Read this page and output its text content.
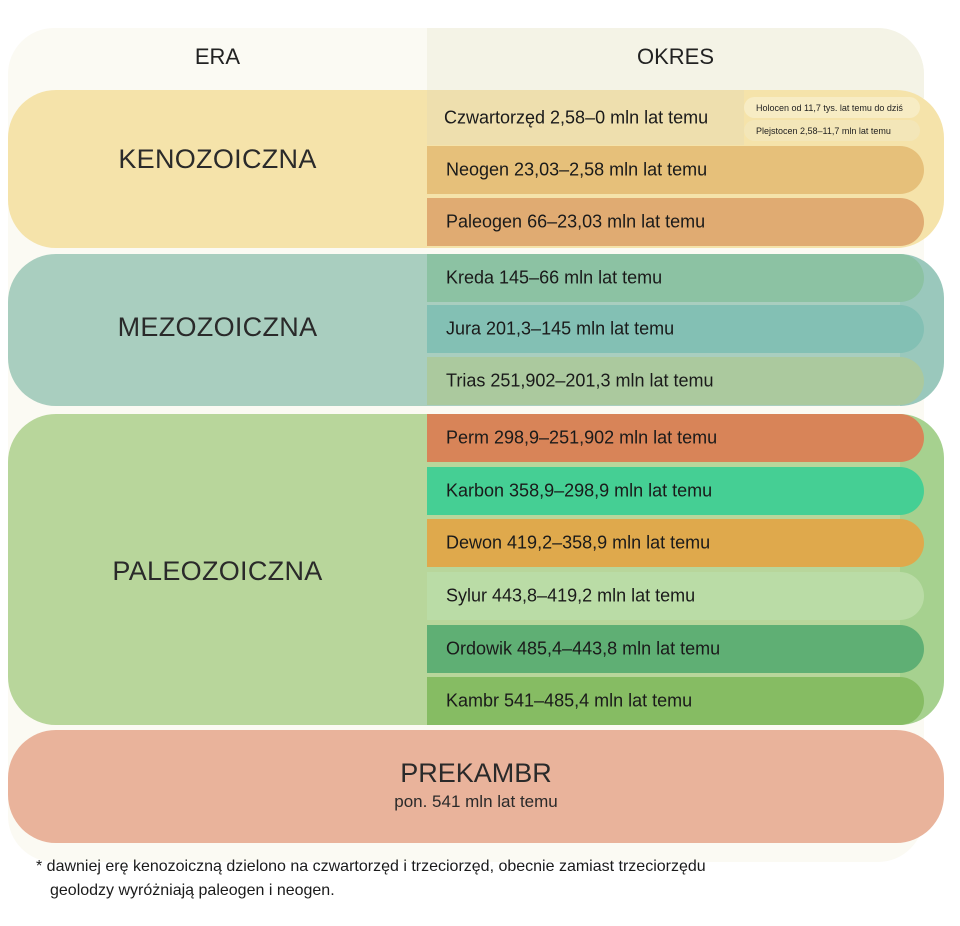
ERA	OKRES
KENOZOICZNA
Czwartorzęd 2,58–0 mln lat temu	Holocen od 11,7 tys. lat temu do dziś
Plejstocen 2,58–11,7 mln lat temu
Neogen 23,03–2,58 mln lat temu
Paleogen 66–23,03 mln lat temu
MEZOZOICZNA
Kreda 145–66 mln lat temu
Jura 201,3–145 mln lat temu
Trias 251,902–201,3 mln lat temu
PALEOZOICZNA
Perm 298,9–251,902 mln lat temu
Karbon 358,9–298,9 mln lat temu
Dewon 419,2–358,9 mln lat temu
Sylur 443,8–419,2 mln lat temu
Ordowik 485,4–443,8 mln lat temu
Kambr 541–485,4 mln lat temu
PREKAMBR
pon. 541 mln lat temu
* dawniej erę kenozoiczną dzielono na czwartorzęd i trzeciorzęd, obecnie zamiast trzeciorzędu
geolodzy wyróżniają paleogen i neogen.
